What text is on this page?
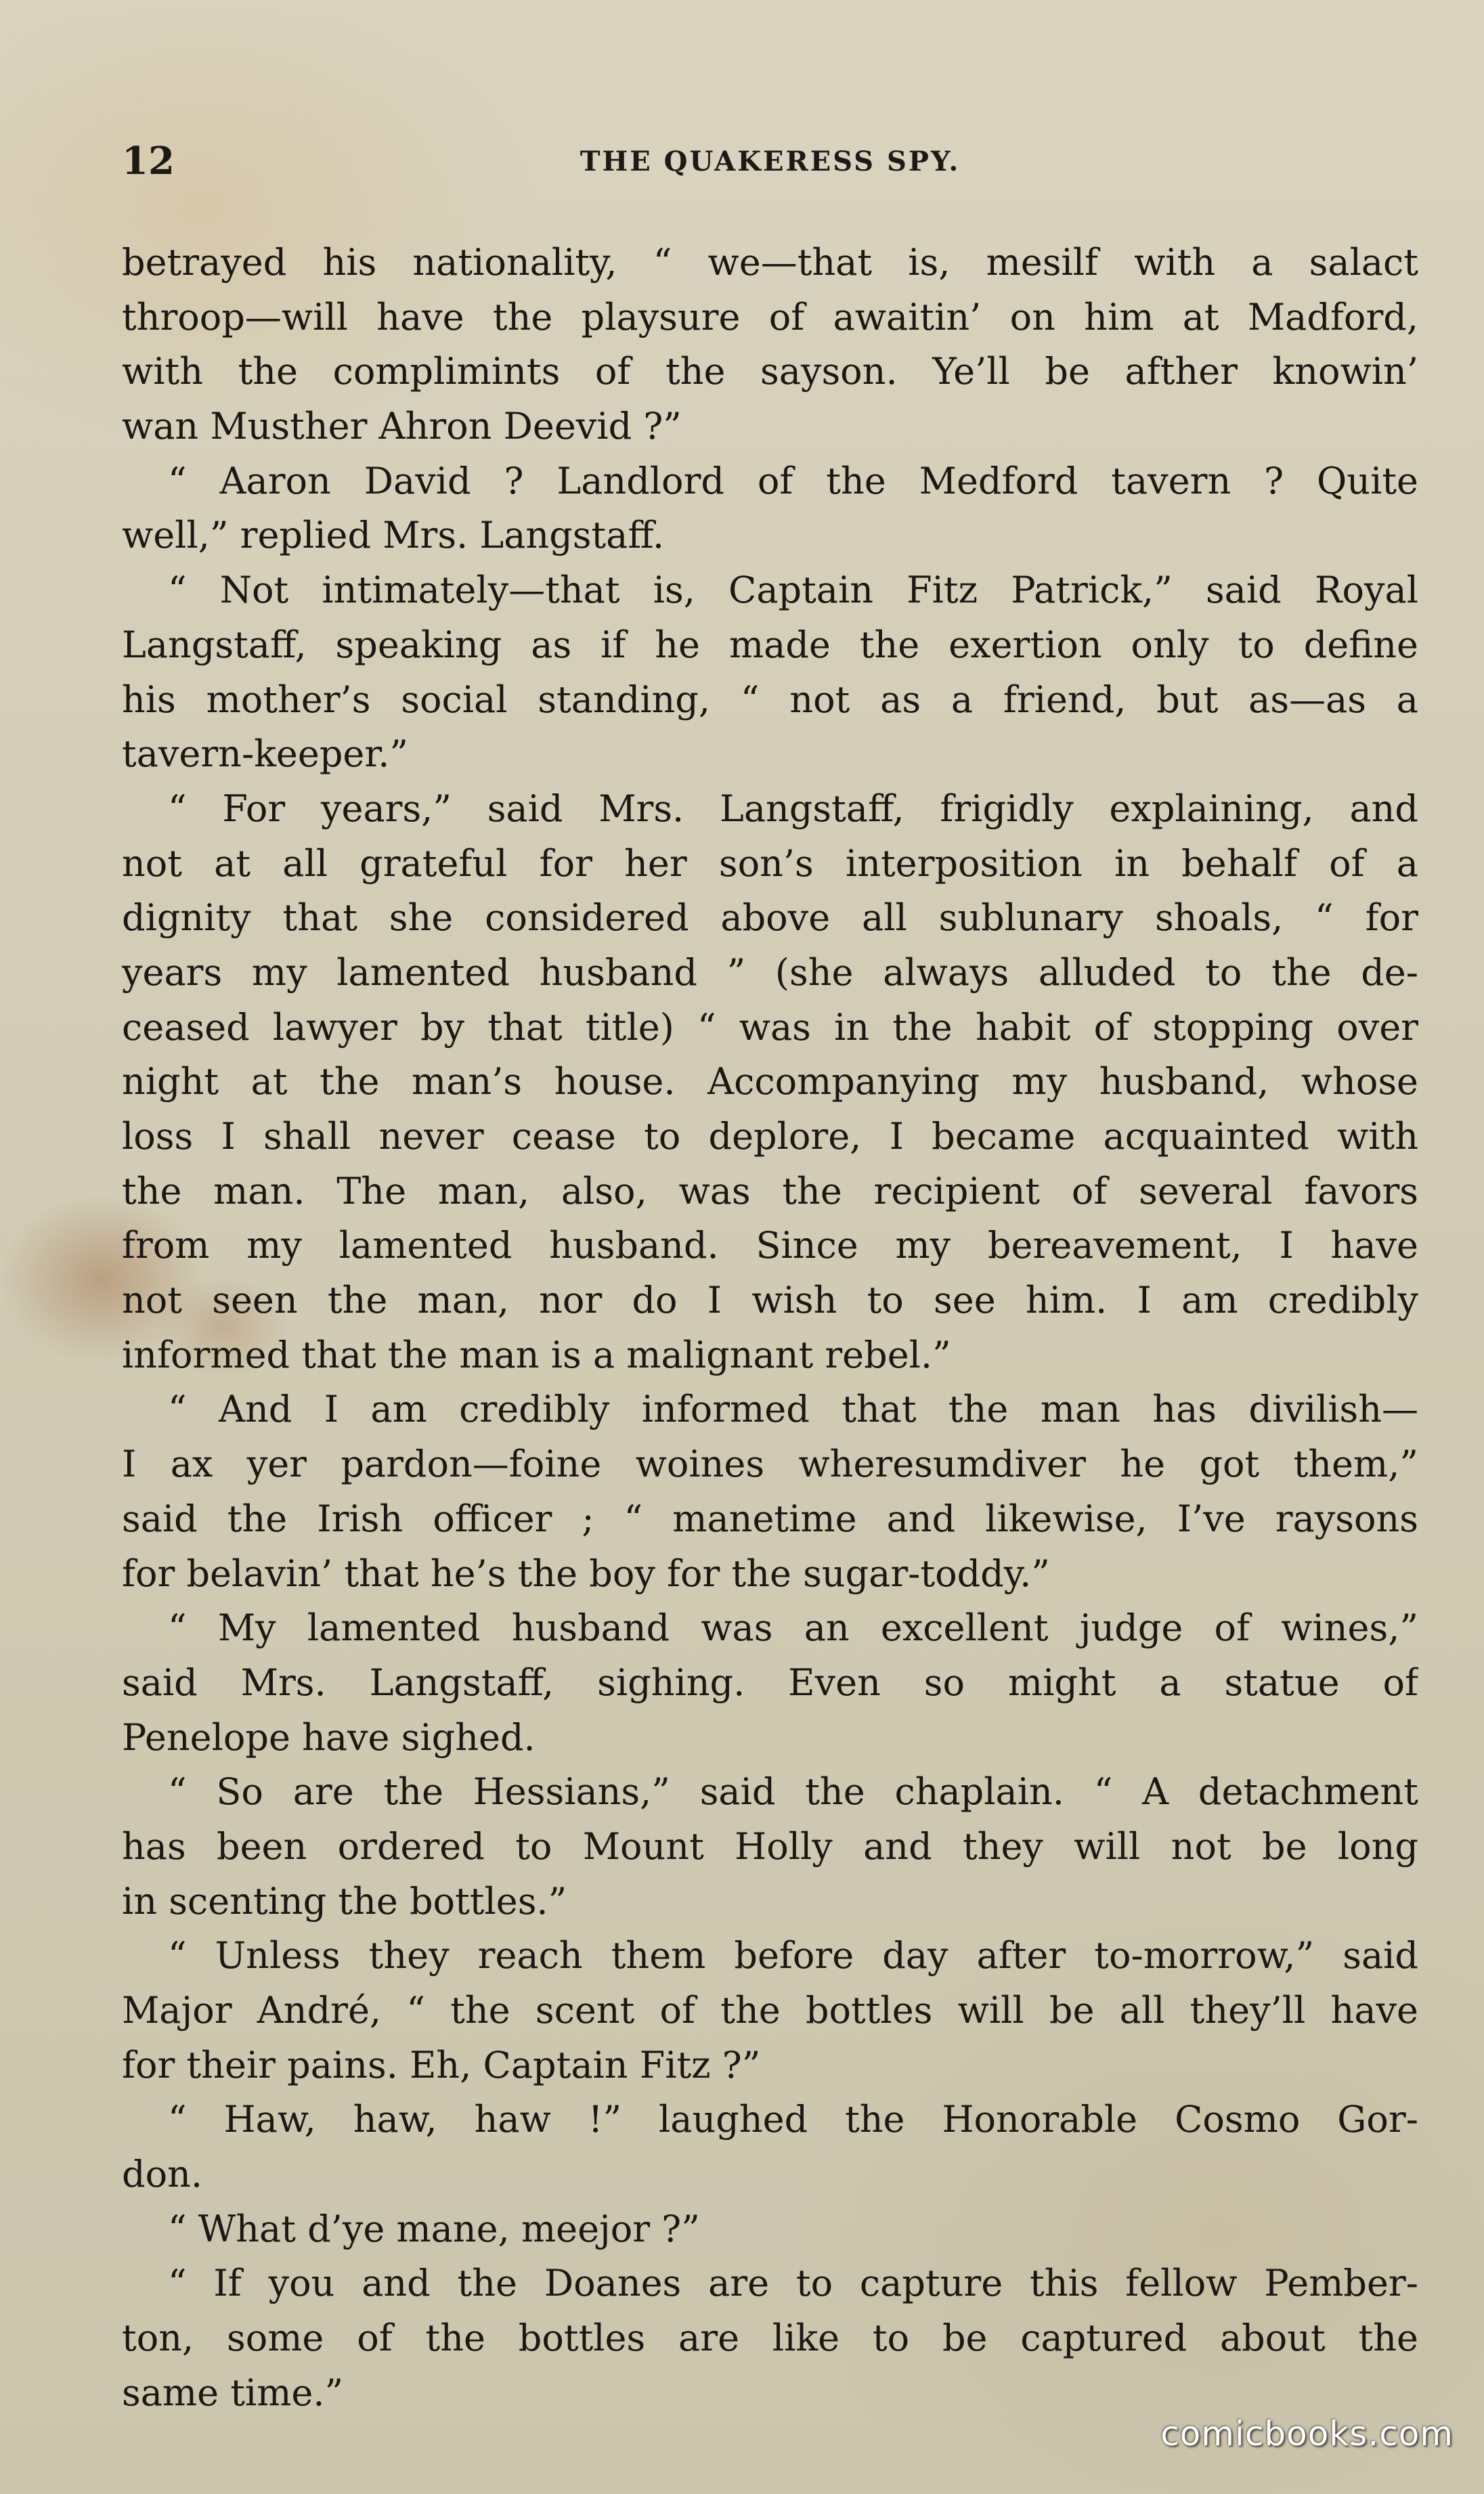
12	THE QUAKERESS SPY.
betrayed his nationality, “ we—that is, mesilf with a salact
throop—will have the playsure of awaitin’ on him at Madford,
with the complimints of the sayson. Ye’ll be afther knowin’
wan Musther Ahron Deevid ?”
“ Aaron David ? Landlord of the Medford tavern ? Quite
well,” replied Mrs. Langstaff.
“ Not intimately—that is, Captain Fitz Patrick,” said Royal
Langstaff, speaking as if he made the exertion only to define
his mother’s social standing, “ not as a friend, but as—as a
tavern-keeper.”
“ For years,” said Mrs. Langstaff, frigidly explaining, and
not at all grateful for her son’s interposition in behalf of a
dignity that she considered above all sublunary shoals, “ for
years my lamented husband ” (she always alluded to the de-
ceased lawyer by that title) “ was in the habit of stopping over
night at the man’s house. Accompanying my husband, whose
loss I shall never cease to deplore, I became acquainted with
the man. The man, also, was the recipient of several favors
from my lamented husband. Since my bereavement, I have
not seen the man, nor do I wish to see him. I am credibly
informed that the man is a malignant rebel.”
“ And I am credibly informed that the man has divilish—
I ax yer pardon—foine woines wheresumdiver he got them,”
said the Irish officer ; “ manetime and likewise, I’ve raysons
for belavin’ that he’s the boy for the sugar-toddy.”
“ My lamented husband was an excellent judge of wines,”
said Mrs. Langstaff, sighing. Even so might a statue of
Penelope have sighed.
“ So are the Hessians,” said the chaplain. “ A detachment
has been ordered to Mount Holly and they will not be long
in scenting the bottles.”
“ Unless they reach them before day after to-morrow,” said
Major André, “ the scent of the bottles will be all they’ll have
for their pains. Eh, Captain Fitz ?”
“ Haw, haw, haw !” laughed the Honorable Cosmo Gor-
don.
“ What d’ye mane, meejor ?”
“ If you and the Doanes are to capture this fellow Pember-
ton, some of the bottles are like to be captured about the
same time.”
comicbooks.com
